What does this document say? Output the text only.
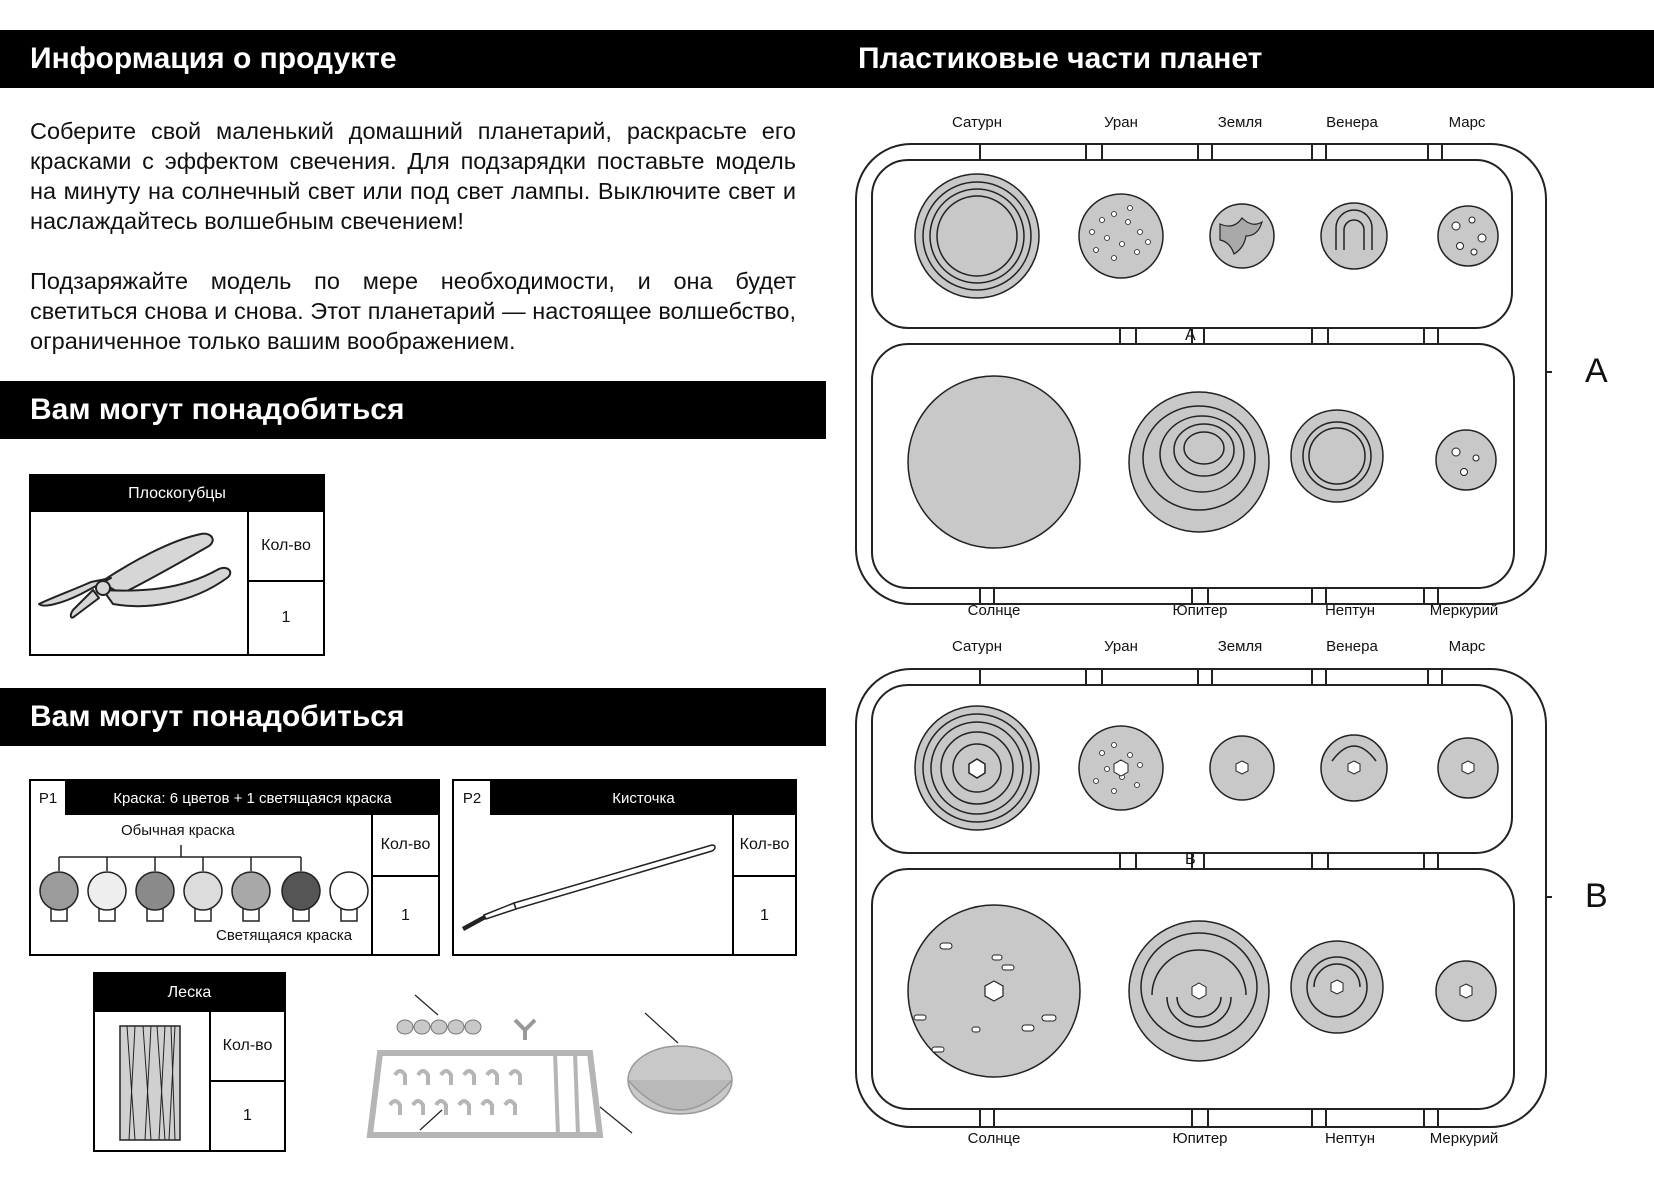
Информация о продукте
Соберите свой маленький домашний планетарий, раскрасьте его красками с эффектом свечения. Для подзарядки поставьте модель на минуту на солнечный свет или под свет лампы. Выключите свет и наслаждайтесь волшебным свечением!
Подзаряжайте модель по мере необходимости, и она будет светиться снова и снова. Этот планетарий — настоящее волшебство, ограниченное только вашим воображением.
Вам могут понадобиться
Плоскогубцы
Кол-во
1
Вам могут понадобиться
P1	Краска: 6 цветов + 1 светящаяся краска
Обычная краска
Светящаяся краска
Кол-во
1
P2	Кисточка
Кол-во
1
Леска
Кол-во
1
Пластиковые части планет
Сатурн	Уран	Земля	Венера	Марс
Солнце	Юпитер	Нептун	Меркурий
A
A
Сатурн	Уран	Земля	Венера	Марс
Солнце	Юпитер	Нептун	Меркурий
B
B
